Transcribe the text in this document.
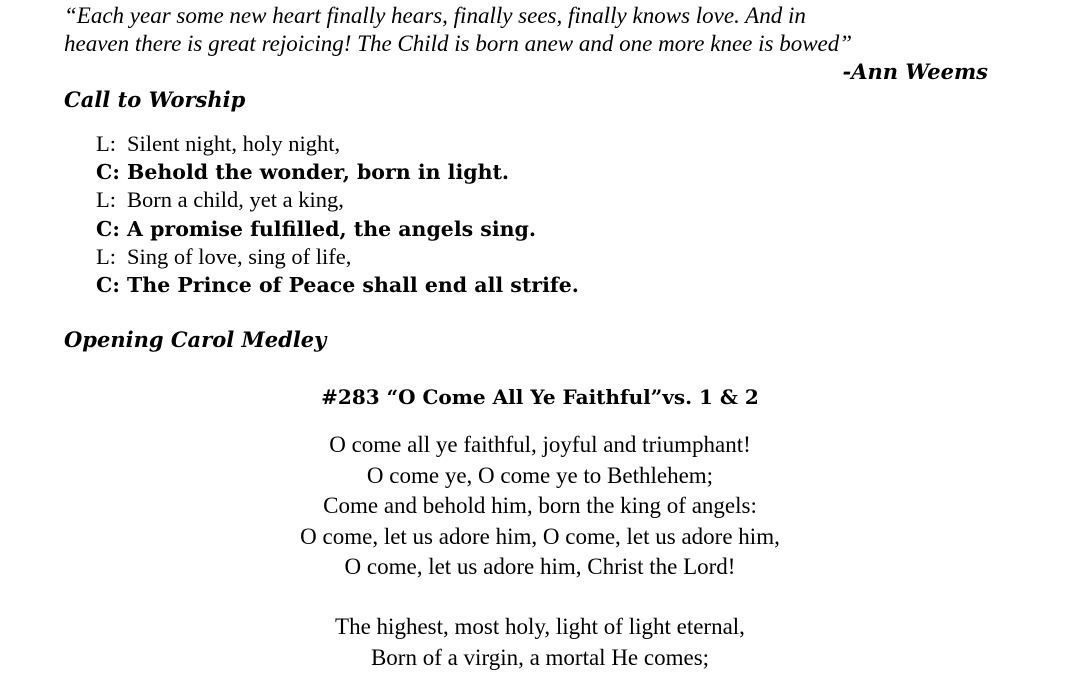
“Each year some new heart finally hears, finally sees, finally knows love. And in
heaven there is great rejoicing! The Child is born anew and one more knee is bowed”

-Ann Weems

Call to Worship
L: Silent night, holy night,
C: Behold the wonder, born in light.
L: Born a child, yet a king,
C: A promise fulfilled, the angels sing.
L: Sing of love, sing of life,
C: The Prince of Peace shall end all strife.
Opening Carol Medley
#283 “O Come All Ye Faithful”vs. 1 & 2

O come all ye faithful, joyful and triumphant!
O come ye, O come ye to Bethlehem;
Come and behold him, born the king of angels:
O come, let us adore him, O come, let us adore him,
O come, let us adore him, Christ the Lord!

The highest, most holy, light of light eternal,
Born of a virgin, a mortal He comes;
